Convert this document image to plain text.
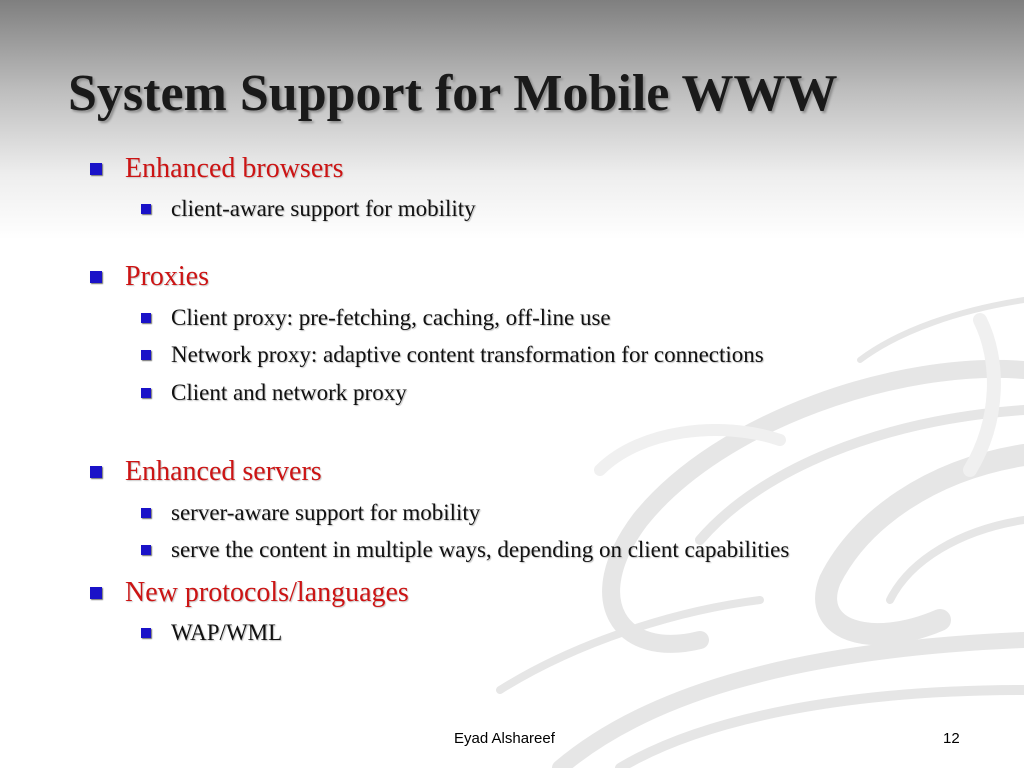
System Support for Mobile WWW
Enhanced browsers
client-aware support for mobility
Proxies
Client proxy: pre-fetching, caching, off-line use
Network proxy: adaptive content transformation for connections
Client and network proxy
Enhanced servers
server-aware support for mobility
serve the content in multiple ways, depending on client capabilities
New protocols/languages
WAP/WML
Eyad Alshareef	12
